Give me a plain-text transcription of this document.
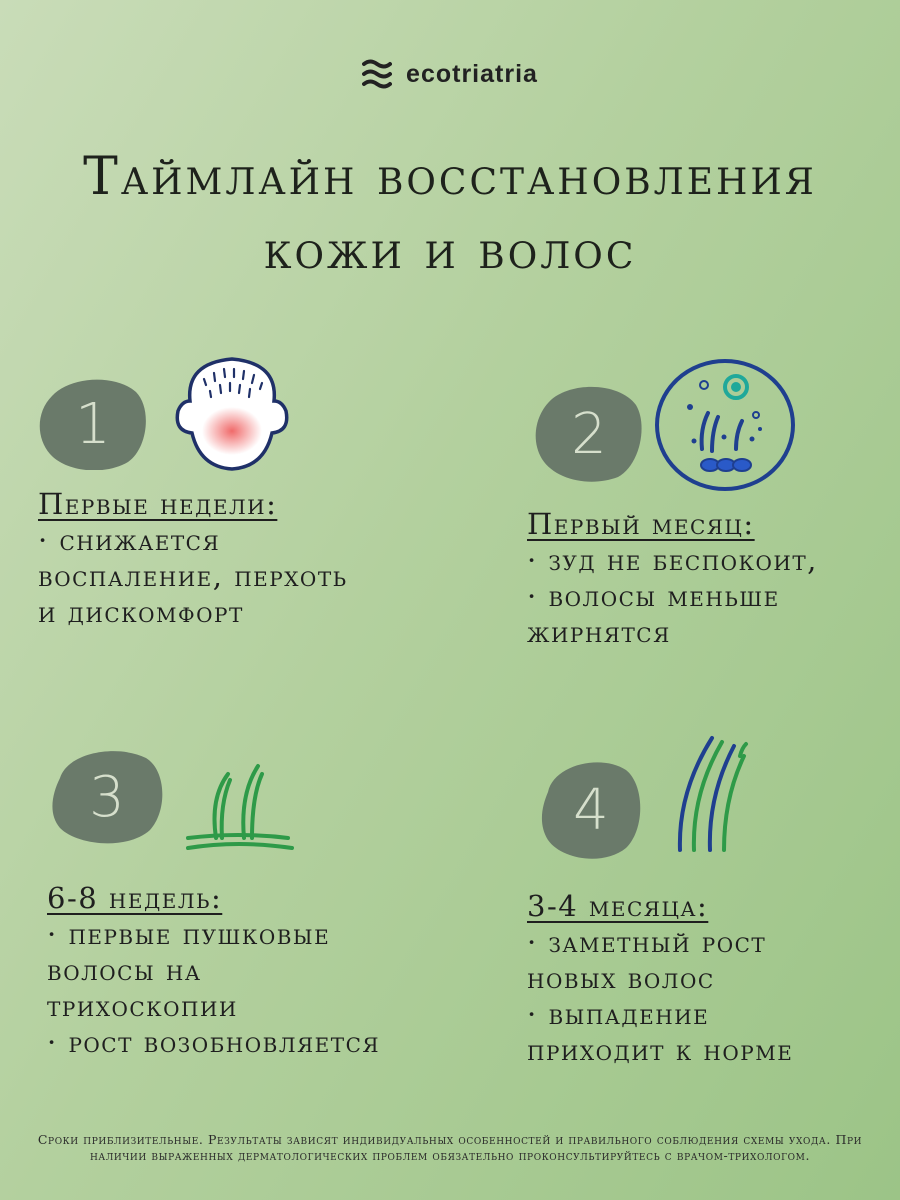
ecotriatria
Таймлайн восстановления
кожи и волос
1
Первые недели:
· снижается
воспаление, перхоть
и дискомфорт
2
Первый месяц:
· зуд не беспокоит,
· волосы меньше
жирнятся
3
6-8 недель:
· первые пушковые
волосы на
трихоскопии
· рост возобновляется
4
3-4 месяца:
· заметный рост
новых волос
· выпадение
приходит к норме
Сроки приблизительные. Результаты зависят индивидуальных особенностей и правильного соблюдения схемы ухода. При наличии выраженных дерматологических проблем обязательно проконсультируйтесь с врачом-трихологом.
